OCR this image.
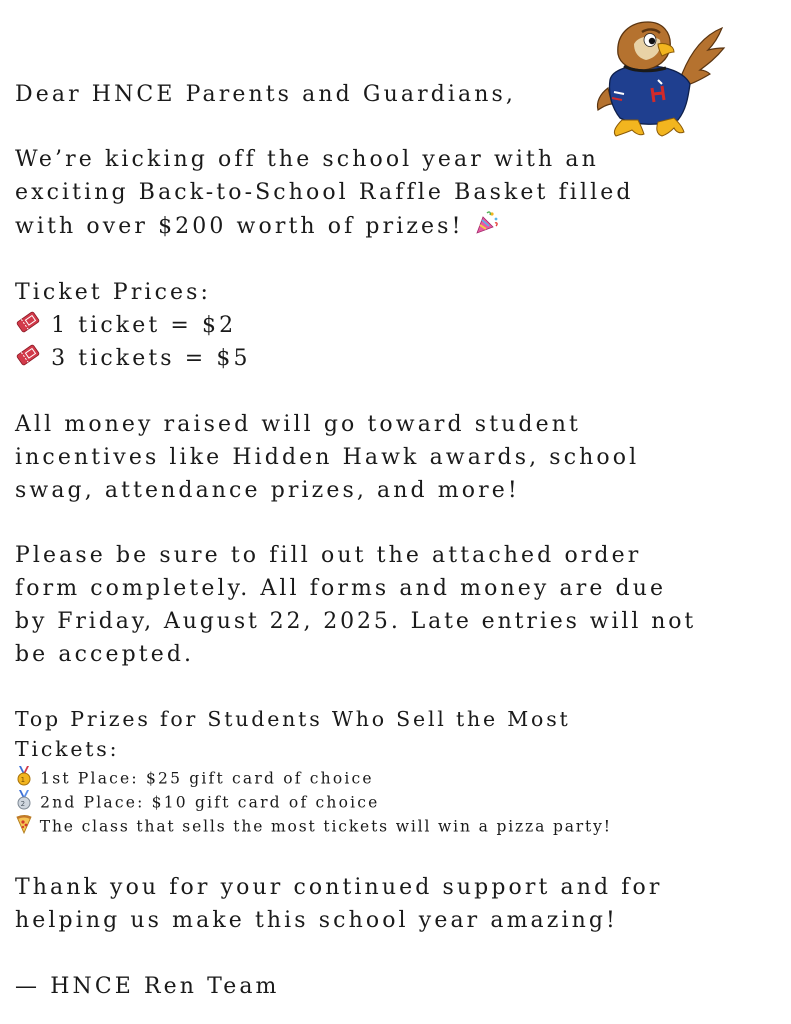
Dear HNCE Parents and Guardians,

We’re kicking off the school year with an

exciting Back-to-School Raffle Basket filled

with over $200 worth of prizes!

Ticket Prices:

1 ticket = $2

3 tickets = $5

All money raised will go toward student

incentives like Hidden Hawk awards, school

swag, attendance prizes, and more!

Please be sure to fill out the attached order

form completely. All forms and money are due

by Friday, August 22, 2025. Late entries will not

be accepted.

Top Prizes for Students Who Sell the Most

Tickets:

1 1st Place: $25 gift card of choice

2 2nd Place: $10 gift card of choice

The class that sells the most tickets will win a pizza party!

Thank you for your continued support and for

helping us make this school year amazing!

— HNCE Ren Team
